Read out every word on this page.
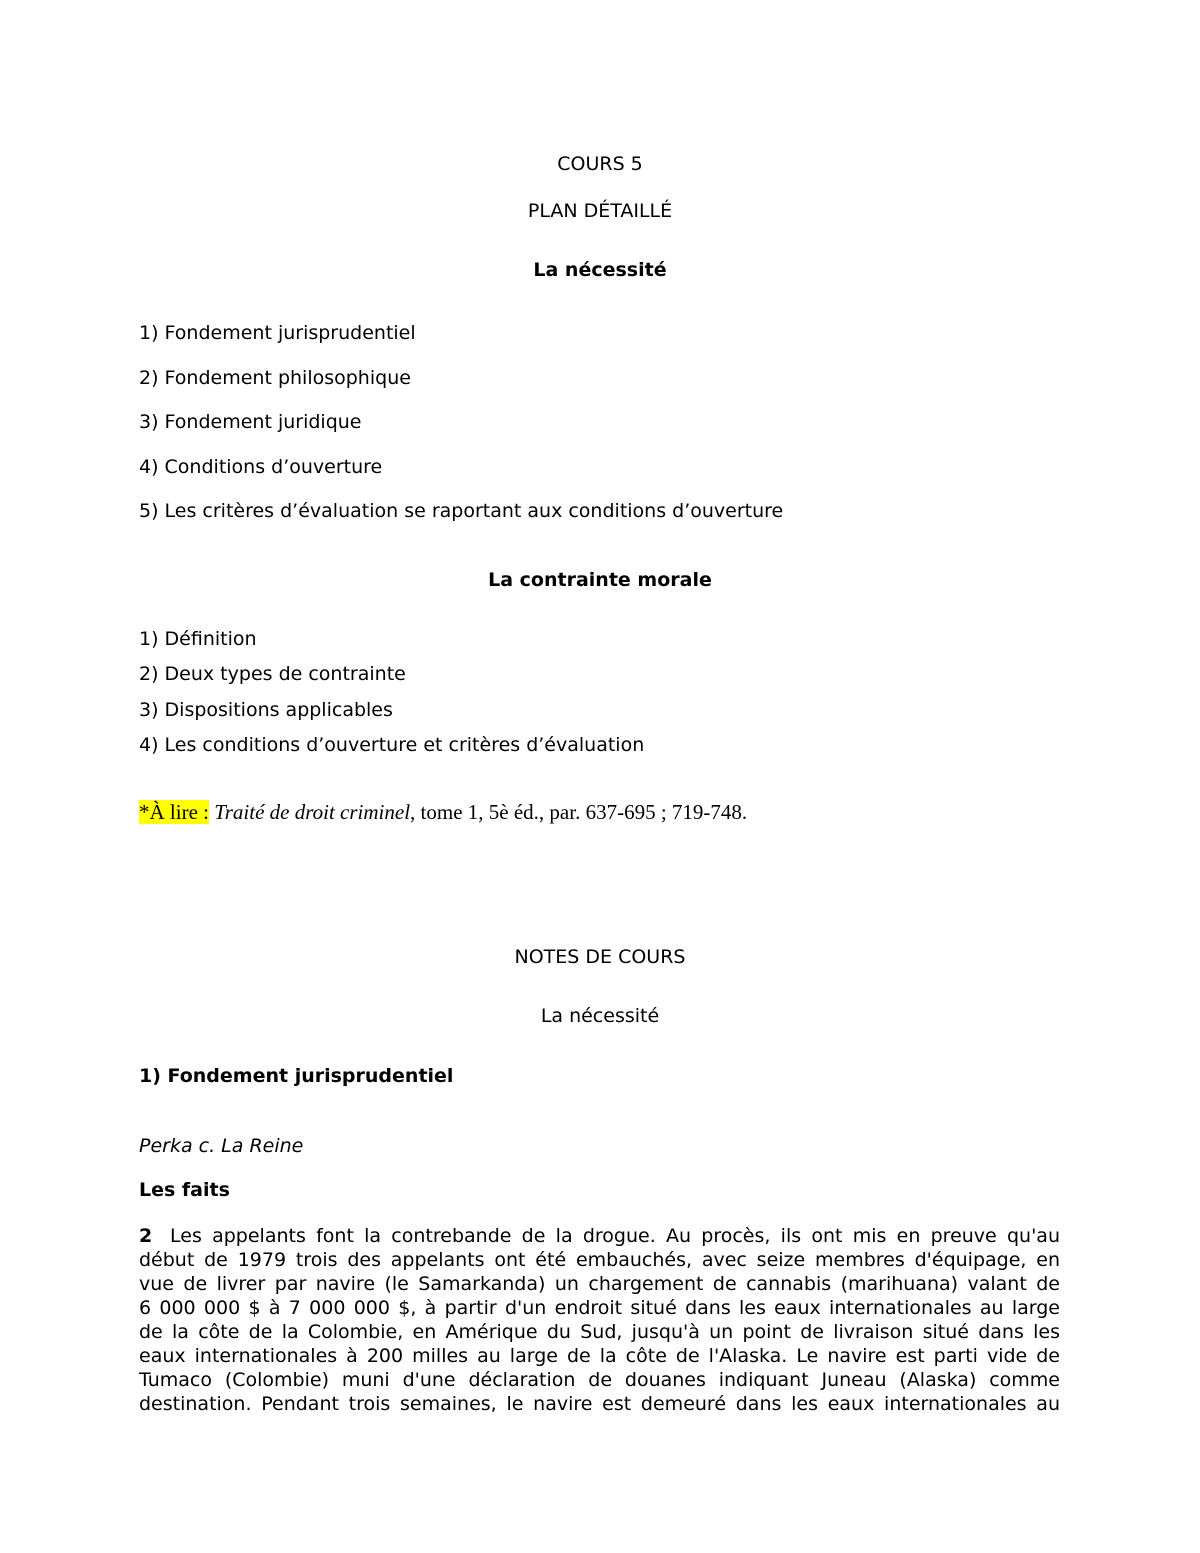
COURS 5
PLAN DÉTAILLÉ
La nécessité
1) Fondement jurisprudentiel
2) Fondement philosophique
3) Fondement juridique
4) Conditions d’ouverture
5) Les critères d’évaluation se raportant aux conditions d’ouverture
La contrainte morale
1) Définition
2) Deux types de contrainte
3) Dispositions applicables
4) Les conditions d’ouverture et critères d’évaluation
*À lire : Traité de droit criminel, tome 1, 5è éd., par. 637-695 ; 719-748.
NOTES DE COURS
La nécessité
1) Fondement jurisprudentiel
Perka c. La Reine
Les faits
2 Les appelants font la contrebande de la drogue. Au procès, ils ont mis en preuve qu'au
début de 1979 trois des appelants ont été embauchés, avec seize membres d'équipage, en
vue de livrer par navire (le Samarkanda) un chargement de cannabis (marihuana) valant de
6 000 000 $ à 7 000 000 $, à partir d'un endroit situé dans les eaux internationales au large
de la côte de la Colombie, en Amérique du Sud, jusqu'à un point de livraison situé dans les
eaux internationales à 200 milles au large de la côte de l'Alaska. Le navire est parti vide de
Tumaco (Colombie) muni d'une déclaration de douanes indiquant Juneau (Alaska) comme
destination. Pendant trois semaines, le navire est demeuré dans les eaux internationales au
